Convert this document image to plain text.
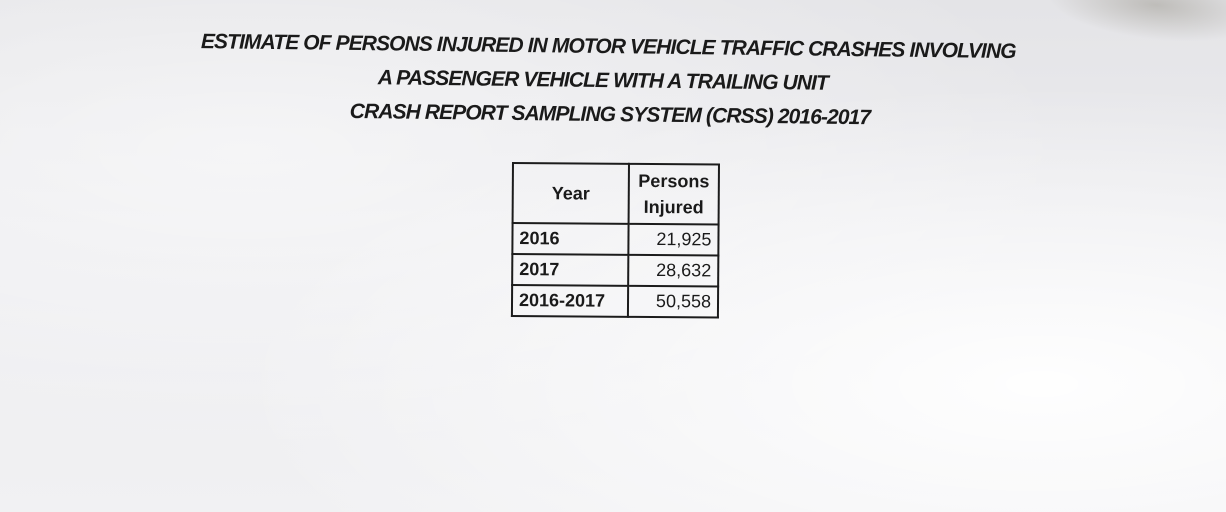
ESTIMATE OF PERSONS INJURED IN MOTOR VEHICLE TRAFFIC CRASHES INVOLVING
A PASSENGER VEHICLE WITH A TRAILING UNIT
CRASH REPORT SAMPLING SYSTEM (CRSS) 2016-2017
Year	Persons
Injured
2016	21,925
2017	28,632
2016-2017	50,558
